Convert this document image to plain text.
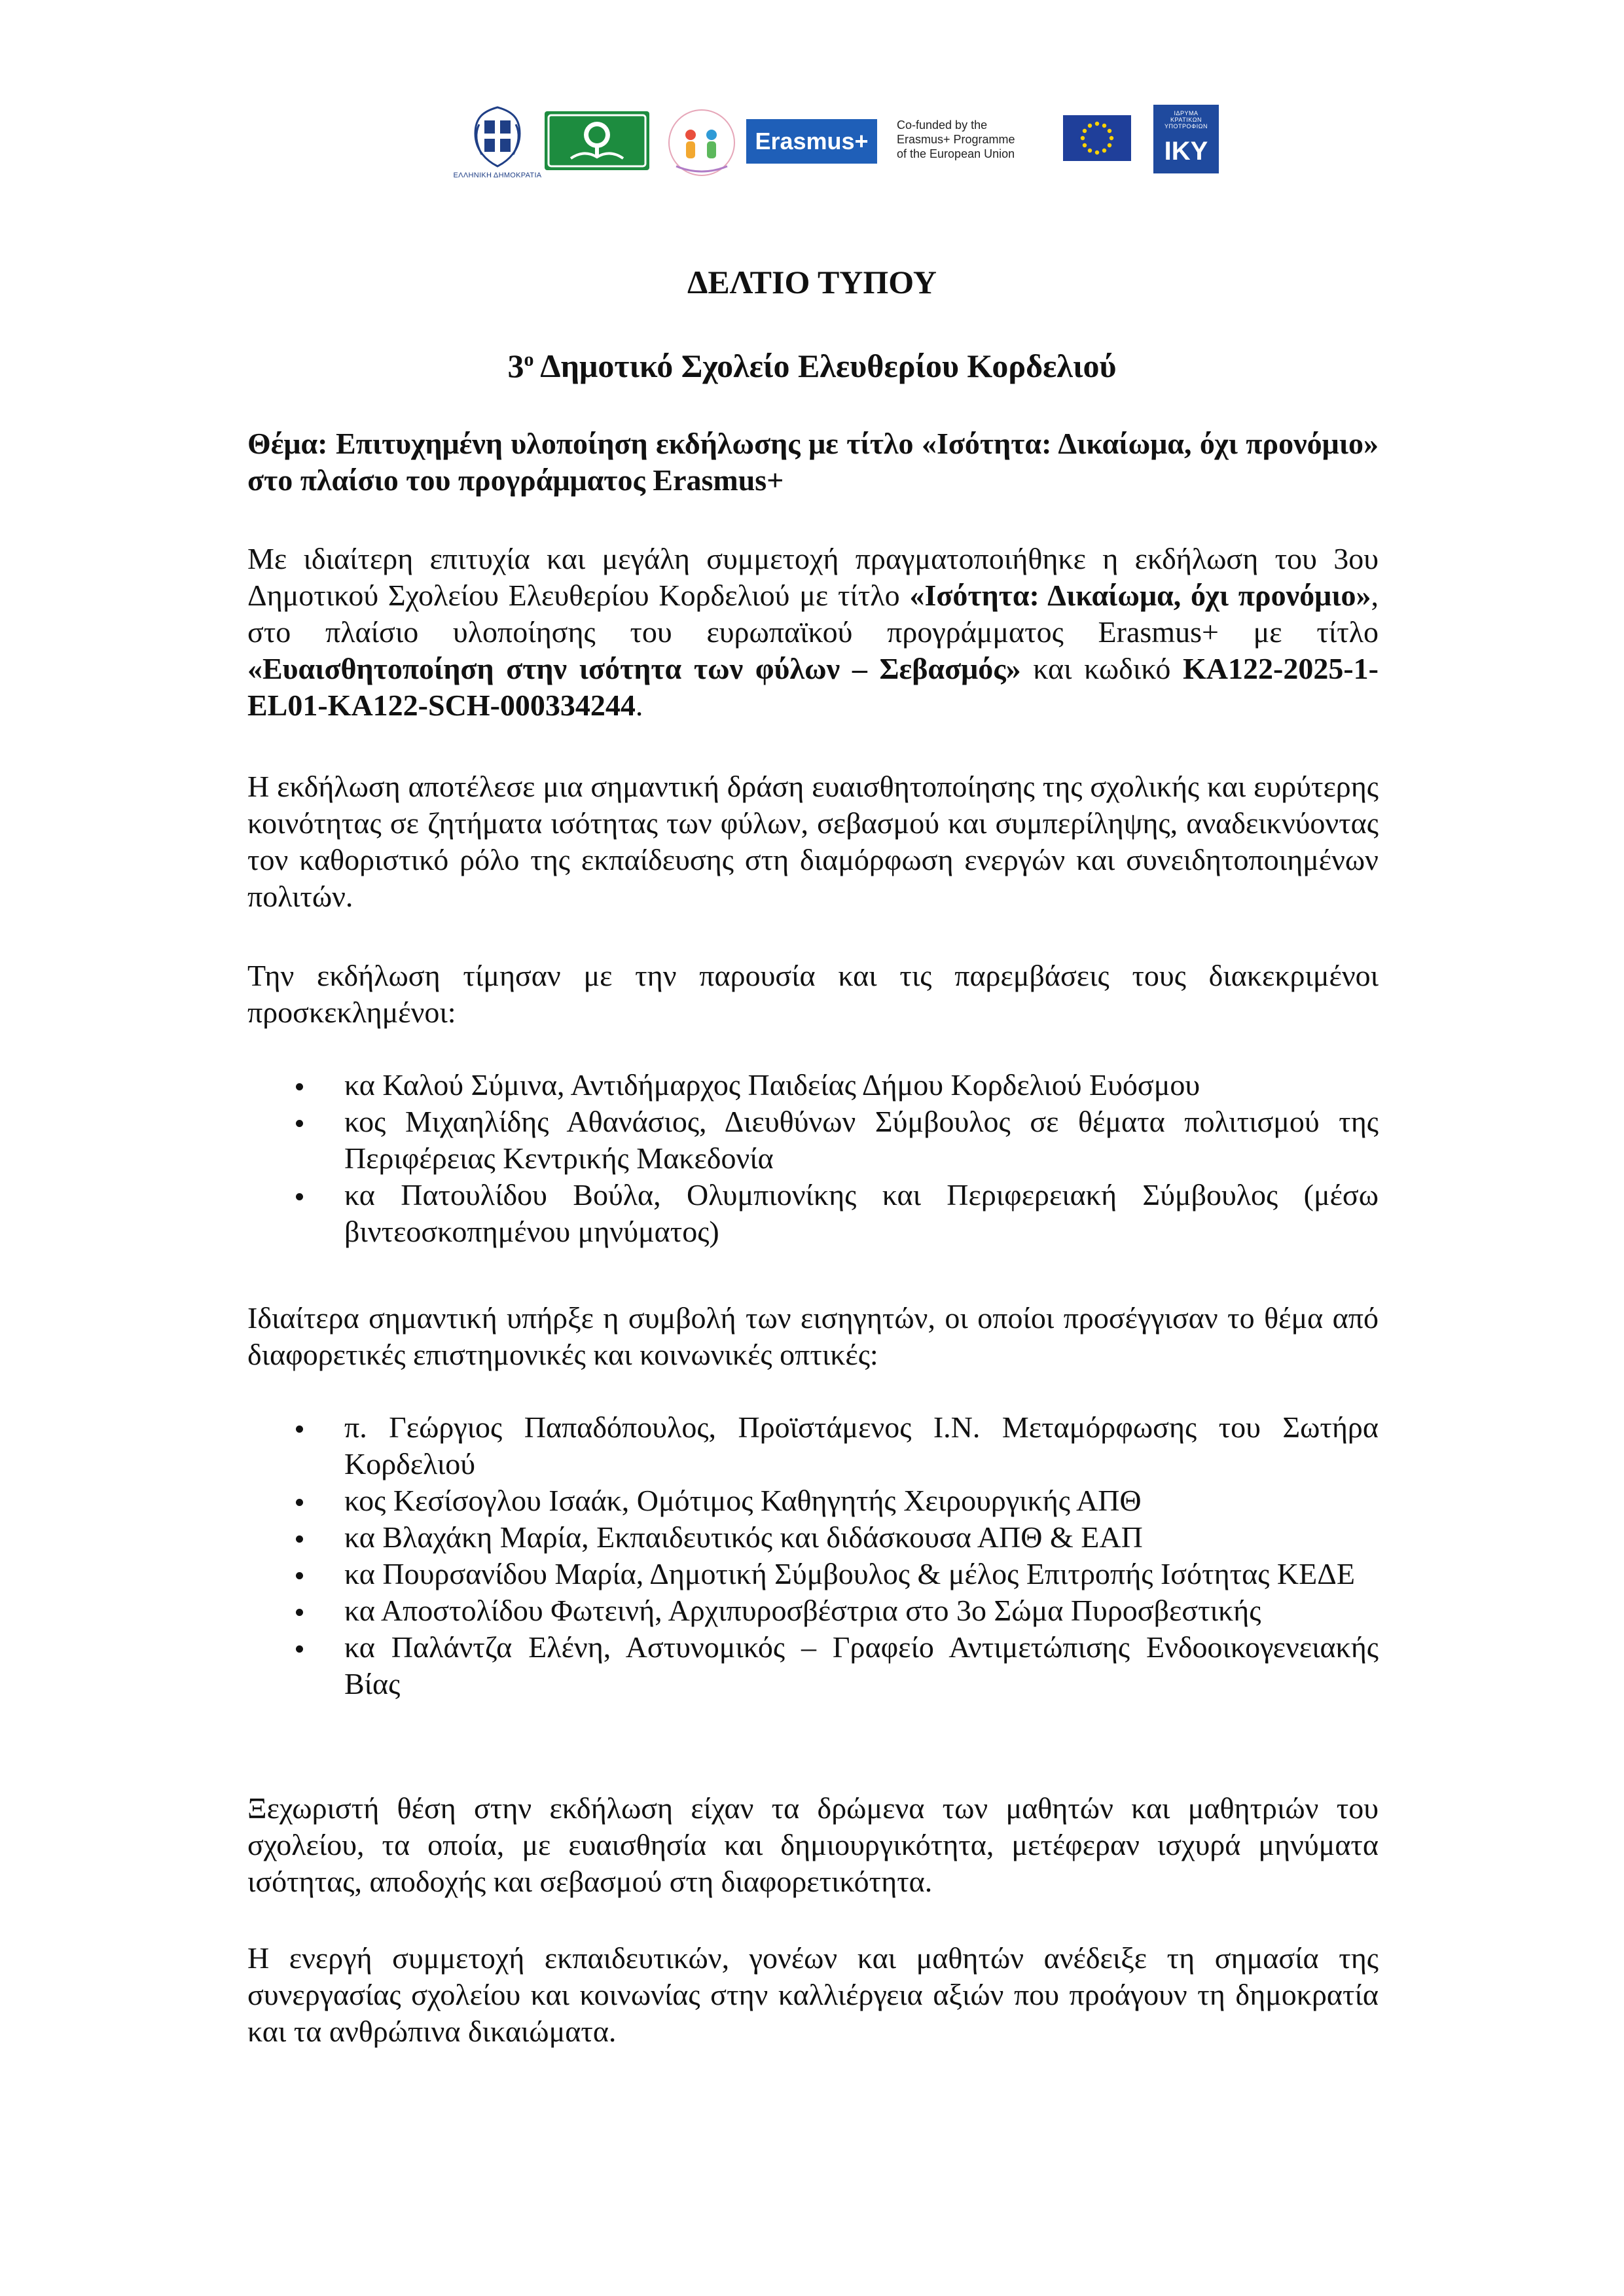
ΕΛΛΗΝΙΚΗ ΔΗΜΟΚΡΑΤΙΑ
Erasmus+
Co-funded by the
Erasmus+ Programme
of the European Union
ΙΔΡΥΜΑ
ΚΡΑΤΙΚΩΝ
ΥΠΟΤΡΟΦΙΩΝ
IKY
ΔΕΛΤΙΟ ΤΥΠΟΥ
$3^o$ Δημοτικό Σχολείο Ελευθερίου Κορδελιού

Θέμα: Επιτυχημένη υλοποίηση εκδήλωσης με τίτλο «Ισότητα: Δικαίωμα, όχι προνόμιο» στο πλαίσιο του προγράμματος Erasmus+

Με ιδιαίτερη επιτυχία και μεγάλη συμμετοχή πραγματοποιήθηκε η εκδήλωση του 3ου Δημοτικού Σχολείου Ελευθερίου Κορδελιού με τίτλο «Ισότητα: Δικαίωμα, όχι προνόμιο», στο πλαίσιο υλοποίησης του ευρωπαϊκού προγράμματος Erasmus+ με τίτλο «Ευαισθητοποίηση στην ισότητα των φύλων – Σεβασμός» και κωδικό KA122-2025-1-EL01-KA122-SCH-000334244.

Η εκδήλωση αποτέλεσε μια σημαντική δράση ευαισθητοποίησης της σχολικής και ευρύτερης κοινότητας σε ζητήματα ισότητας των φύλων, σεβασμού και συμπερίληψης, αναδεικνύοντας τον καθοριστικό ρόλο της εκπαίδευσης στη διαμόρφωση ενεργών και συνειδητοποιημένων πολιτών.

Την εκδήλωση τίμησαν με την παρουσία και τις παρεμβάσεις τους διακεκριμένοι προσκεκλημένοι:

κα Καλού Σύμινα, Αντιδήμαρχος Παιδείας Δήμου Κορδελιού Ευόσμου
κος Μιχαηλίδης Αθανάσιος, Διευθύνων Σύμβουλος σε θέματα πολιτισμού της Περιφέρειας Κεντρικής Μακεδονία
κα Πατουλίδου Βούλα, Ολυμπιονίκης και Περιφερειακή Σύμβουλος (μέσω βιντεοσκοπημένου μηνύματος)

Ιδιαίτερα σημαντική υπήρξε η συμβολή των εισηγητών, οι οποίοι προσέγγισαν το θέμα από διαφορετικές επιστημονικές και κοινωνικές οπτικές:

π. Γεώργιος Παπαδόπουλος, Προϊστάμενος Ι.Ν. Μεταμόρφωσης του Σωτήρα Κορδελιού
κος Κεσίσογλου Ισαάκ, Ομότιμος Καθηγητής Χειρουργικής ΑΠΘ
κα Βλαχάκη Μαρία, Εκπαιδευτικός και διδάσκουσα ΑΠΘ & ΕΑΠ
κα Πουρσανίδου Μαρία, Δημοτική Σύμβουλος & μέλος Επιτροπής Ισότητας ΚΕΔΕ
κα Αποστολίδου Φωτεινή, Αρχιπυροσβέστρια στο 3ο Σώμα Πυροσβεστικής
κα Παλάντζα Ελένη, Αστυνομικός – Γραφείο Αντιμετώπισης Ενδοοικογενειακής Βίας

Ξεχωριστή θέση στην εκδήλωση είχαν τα δρώμενα των μαθητών και μαθητριών του σχολείου, τα οποία, με ευαισθησία και δημιουργικότητα, μετέφεραν ισχυρά μηνύματα ισότητας, αποδοχής και σεβασμού στη διαφορετικότητα.

Η ενεργή συμμετοχή εκπαιδευτικών, γονέων και μαθητών ανέδειξε τη σημασία της συνεργασίας σχολείου και κοινωνίας στην καλλιέργεια αξιών που προάγουν τη δημοκρατία και τα ανθρώπινα δικαιώματα.
